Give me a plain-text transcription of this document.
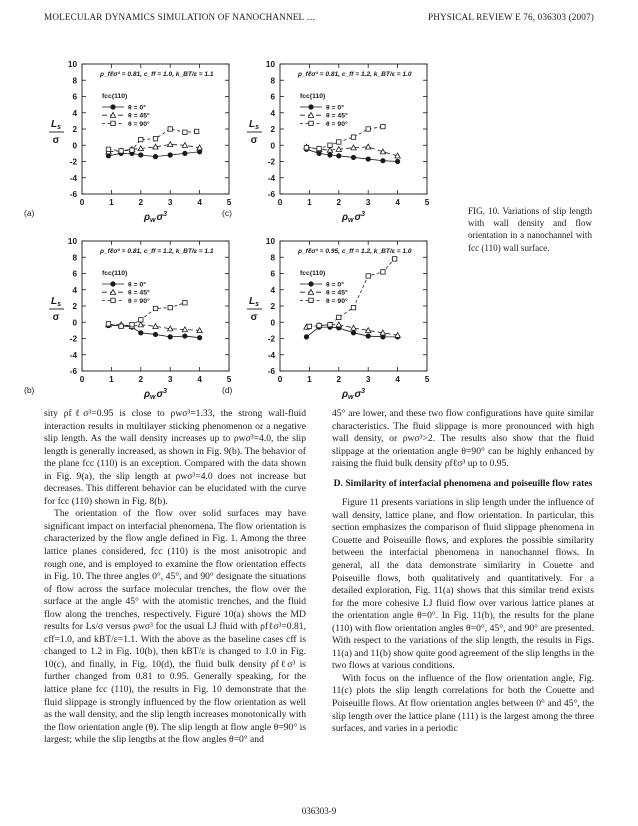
MOLECULAR DYNAMICS SIMULATION OF NANOCHANNEL …	PHYSICAL REVIEW E 76, 036303 (2007)
-6
-4
-2
0
2
4
6
8
10
0	1	2	3	4	5
$L_s$
σ
$\rho_w\sigma^3$
ρ_fℓσ³ = 0.81, c_ff = 1.0, k_BT/ε = 1.1
fcc(110)
θ = 0°
θ = 45°
θ = 90°
(a)
-6
-4
-2
0
2
4
6
8
10
0	1	2	3	4	5
$L_s$
σ
$\rho_w\sigma^3$
ρ_fℓσ³ = 0.81, c_ff = 1.2, k_BT/ε = 1.0
fcc(110)
θ = 0°
θ = 45°
θ = 90°
(c)
-6
-4
-2
0
2
4
6
8
10
0	1	2	3	4	5
$L_s$
σ
$\rho_w\sigma^3$
ρ_fℓσ³ = 0.81, c_ff = 1.2, k_BT/ε = 1.1
fcc(110)
θ = 0°
θ = 45°
θ = 90°
(b)
-6
-4
-2
0
2
4
6
8
10
0	1	2	3	4	5
$L_s$
σ
$\rho_w\sigma^3$
ρ_fℓσ³ = 0.95, c_ff = 1.2, k_BT/ε = 1.0
fcc(110)
θ = 0°
θ = 45°
θ = 90°
(d)
FIG. 10. Variations of slip length with wall density and flow orientation in a nanochannel with fcc (110) wall surface.

sity ρfℓσ³=0.95 is close to ρwσ³=1.33, the strong wall-fluid interaction results in multilayer sticking phenomenon or a negative slip length. As the wall density increases up to ρwσ³=4.0, the slip length is generally increased, as shown in Fig. 9(b). The behavior of the plane fcc (110) is an exception. Compared with the data shown in Fig. 9(a), the slip length at ρwσ³=4.0 does not increase but decreases. This different behavior can be elucidated with the curve for fcc (110) shown in Fig. 8(b).

The orientation of the flow over solid surfaces may have significant impact on interfacial phenomena. The flow orientation is characterized by the flow angle defined in Fig. 1. Among the three lattice planes considered, fcc (110) is the most anisotropic and rough one, and is employed to examine the flow orientation effects in Fig. 10. The three angles 0°, 45°, and 90° designate the situations of flow across the surface molecular trenches, the flow over the surface at the angle 45° with the atomistic trenches, and the fluid flow along the trenches, respectively. Figure 10(a) shows the MD results for Ls/σ versus ρwσ³ for the usual LJ fluid with ρfℓσ³=0.81, cff=1.0, and kBT/ε=1.1. With the above as the baseline cases cff is changed to 1.2 in Fig. 10(b), then kBT/ε is changed to 1.0 in Fig. 10(c), and finally, in Fig. 10(d), the fluid bulk density ρfℓσ³ is further changed from 0.81 to 0.95. Generally speaking, for the lattice plane fcc (110), the results in Fig. 10 demonstrate that the fluid slippage is strongly influenced by the flow orientation as well as the wall density, and the slip length increases monotonically with the flow orientation angle (θ). The slip length at flow angle θ=90° is largest; while the slip lengths at the flow angles θ=0° and

45° are lower, and these two flow configurations have quite similar characteristics. The fluid slippage is more pronounced with high wall density, or ρwσ³>2. The results also show that the fluid slippage at the orientation angle θ=90° can be highly enhanced by raising the fluid bulk density ρfℓσ³ up to 0.95.

D. Similarity of interfacial phenomena and poiseuille flow rates

Figure 11 presents variations in slip length under the influence of wall density, lattice plane, and flow orientation. In particular, this section emphasizes the comparison of fluid slippage phenomena in Couette and Poiseuille flows, and explores the possible similarity between the interfacial phenomena in nanochannel flows. In general, all the data demonstrate similarity in Couette and Poiseuille flows, both qualitatively and quantitatively. For a detailed exploration, Fig. 11(a) shows that this similar trend exists for the more cohesive LJ fluid flow over various lattice planes at the orientation angle θ=0°. In Fig. 11(b), the results for the plane (110) with flow orientation angles θ=0°, 45°, and 90° are presented. With respect to the variations of the slip length, the results in Figs. 11(a) and 11(b) show quite good agreement of the slip lengths in the two flows at various conditions.

With focus on the influence of the flow orientation angle, Fig. 11(c) plots the slip length correlations for both the Couette and Poiseuille flows. At flow orientation angles between 0° and 45°, the slip length over the lattice plane (111) is the largest among the three surfaces, and varies in a periodic

036303-9
